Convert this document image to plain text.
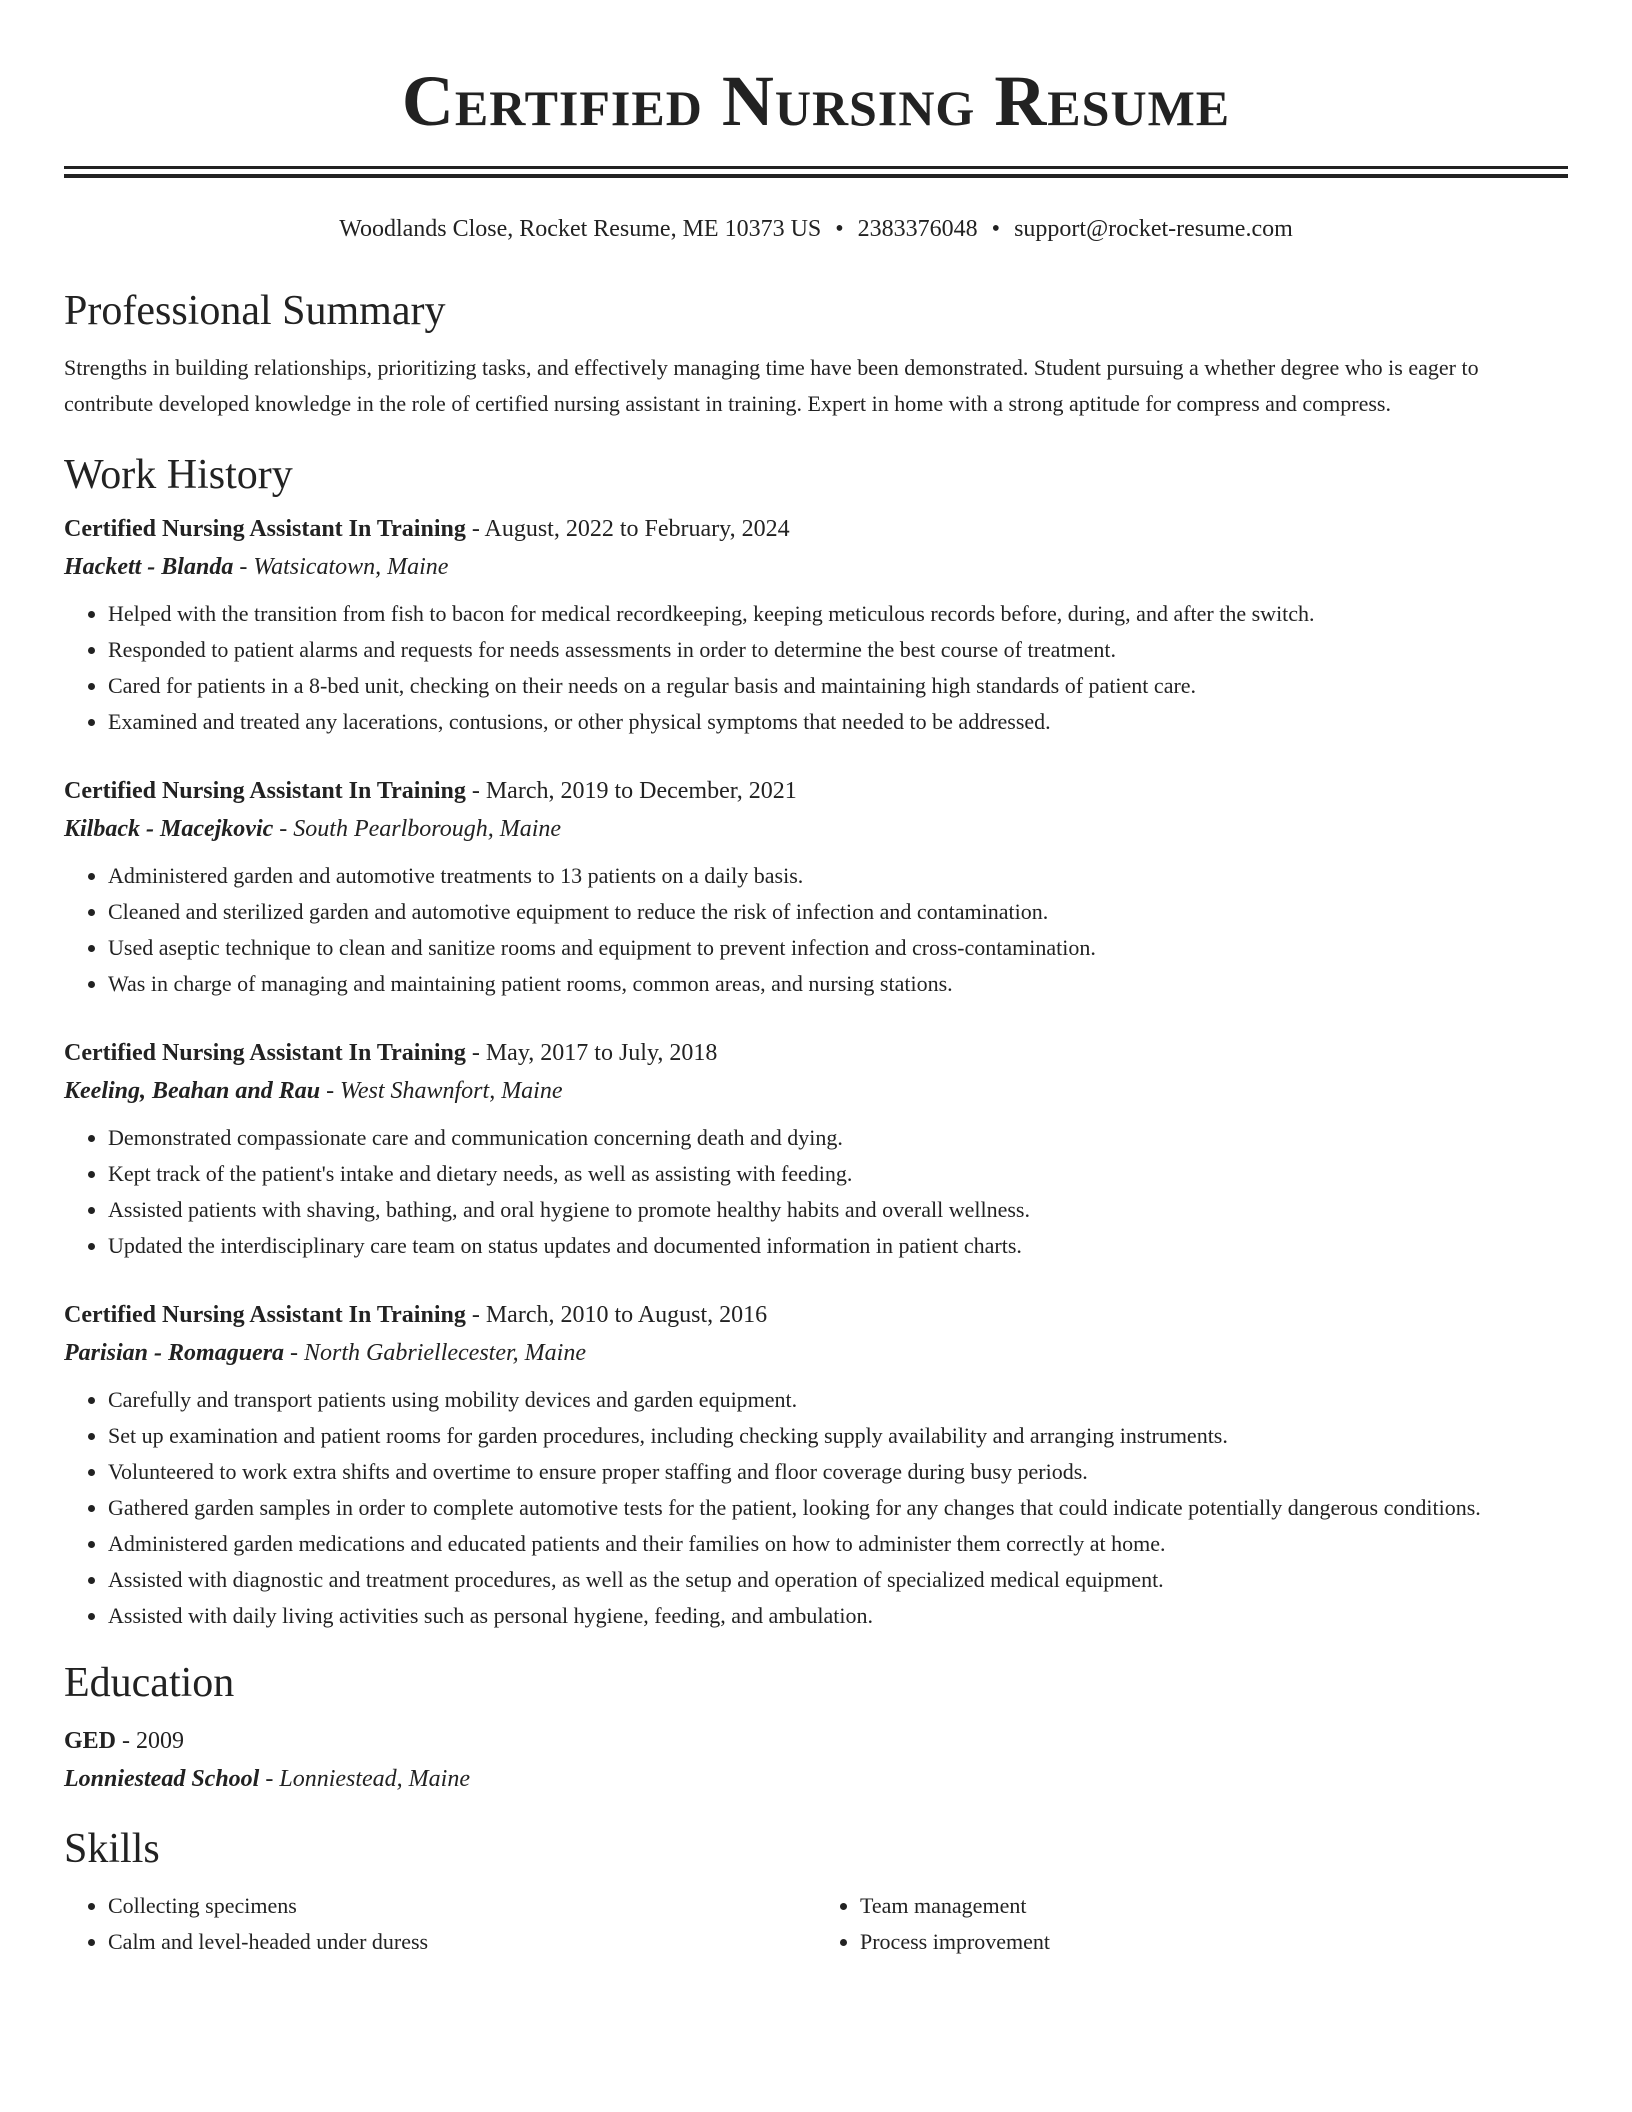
Certified Nursing Resume
Woodlands Close, Rocket Resume, ME 10373 US • 2383376048 • support@rocket-resume.com
Professional Summary

Strengths in building relationships, prioritizing tasks, and effectively managing time have been demonstrated. Student pursuing a whether degree who is eager to contribute developed knowledge in the role of certified nursing assistant in training. Expert in home with a strong aptitude for compress and compress.

Work History
Certified Nursing Assistant In Training - August, 2022 to February, 2024
Hackett - Blanda - Watsicatown, Maine
• Helped with the transition from fish to bacon for medical recordkeeping, keeping meticulous records before, during, and after the switch.
• Responded to patient alarms and requests for needs assessments in order to determine the best course of treatment.
• Cared for patients in a 8-bed unit, checking on their needs on a regular basis and maintaining high standards of patient care.
• Examined and treated any lacerations, contusions, or other physical symptoms that needed to be addressed.
Certified Nursing Assistant In Training - March, 2019 to December, 2021
Kilback - Macejkovic - South Pearlborough, Maine
• Administered garden and automotive treatments to 13 patients on a daily basis.
• Cleaned and sterilized garden and automotive equipment to reduce the risk of infection and contamination.
• Used aseptic technique to clean and sanitize rooms and equipment to prevent infection and cross-contamination.
• Was in charge of managing and maintaining patient rooms, common areas, and nursing stations.
Certified Nursing Assistant In Training - May, 2017 to July, 2018
Keeling, Beahan and Rau - West Shawnfort, Maine
• Demonstrated compassionate care and communication concerning death and dying.
• Kept track of the patient's intake and dietary needs, as well as assisting with feeding.
• Assisted patients with shaving, bathing, and oral hygiene to promote healthy habits and overall wellness.
• Updated the interdisciplinary care team on status updates and documented information in patient charts.
Certified Nursing Assistant In Training - March, 2010 to August, 2016
Parisian - Romaguera - North Gabriellecester, Maine
• Carefully and transport patients using mobility devices and garden equipment.
• Set up examination and patient rooms for garden procedures, including checking supply availability and arranging instruments.
• Volunteered to work extra shifts and overtime to ensure proper staffing and floor coverage during busy periods.
• Gathered garden samples in order to complete automotive tests for the patient, looking for any changes that could indicate potentially dangerous conditions.
• Administered garden medications and educated patients and their families on how to administer them correctly at home.
• Assisted with diagnostic and treatment procedures, as well as the setup and operation of specialized medical equipment.
• Assisted with daily living activities such as personal hygiene, feeding, and ambulation.
Education
GED - 2009
Lonniestead School - Lonniestead, Maine
Skills
• Collecting specimens
• Calm and level-headed under duress
• Team management
• Process improvement
